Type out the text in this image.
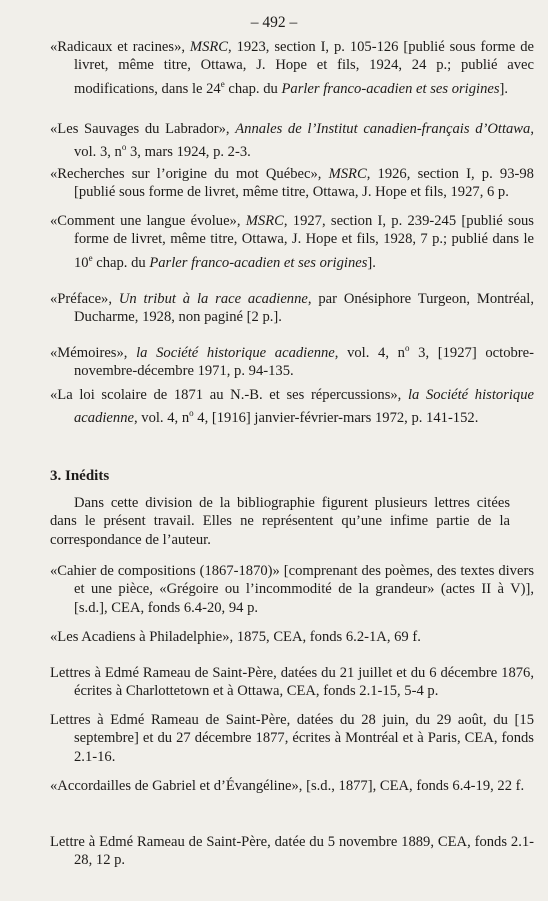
– 492 –

«Radicaux et racines», MSRC, 1923, section I, p. 105-126 [publié sous forme de livret, même titre, Ottawa, J. Hope et fils, 1924, 24 p.; publié avec modifications, dans le 24e chap. du Parler franco-acadien et ses origines].

«Les Sauvages du Labrador», Annales de l’Institut canadien-français d’Ottawa, vol. 3, $n^o$ 3, mars 1924, p. 2-3.

«Recherches sur l’origine du mot Québec», MSRC, 1926, section I, p. 93-98 [publié sous forme de livret, même titre, Ottawa, J. Hope et fils, 1927, 6 p.

«Comment une langue évolue», MSRC, 1927, section I, p. 239-245 [publié sous forme de livret, même titre, Ottawa, J. Hope et fils, 1928, 7 p.; publié dans le 10e chap. du Parler franco-acadien et ses origines].

«Préface», Un tribut à la race acadienne, par Onésiphore Turgeon, Montréal, Ducharme, 1928, non paginé [2 p.].

«Mémoires», la Société historique acadienne, vol. 4, $n^o$ 3, [1927] octobre-novembre-décembre 1971, p. 94-135.

«La loi scolaire de 1871 au N.-B. et ses répercussions», la Société historique acadienne, vol. 4, $n^o$ 4, [1916] janvier-février-mars 1972, p. 141-152.

3. Inédits

Dans cette division de la bibliographie figurent plusieurs lettres citées dans le présent travail. Elles ne représentent qu’une infime partie de la correspondance de l’auteur.

«Cahier de compositions (1867-1870)» [comprenant des poèmes, des textes divers et une pièce, «Grégoire ou l’incommodité de la grandeur» (actes II à V)], [s.d.], CEA, fonds 6.4-20, 94 p.

«Les Acadiens à Philadelphie», 1875, CEA, fonds 6.2-1A, 69 f.

Lettres à Edmé Rameau de Saint-Père, datées du 21 juillet et du 6 décembre 1876, écrites à Charlottetown et à Ottawa, CEA, fonds 2.1-15, 5-4 p.

Lettres à Edmé Rameau de Saint-Père, datées du 28 juin, du 29 août, du [15 septembre] et du 27 décembre 1877, écrites à Montréal et à Paris, CEA, fonds 2.1-16.

«Accordailles de Gabriel et d’Évangéline», [s.d., 1877], CEA, fonds 6.4-19, 22 f.

Lettre à Edmé Rameau de Saint-Père, datée du 5 novembre 1889, CEA, fonds 2.1-28, 12 p.
